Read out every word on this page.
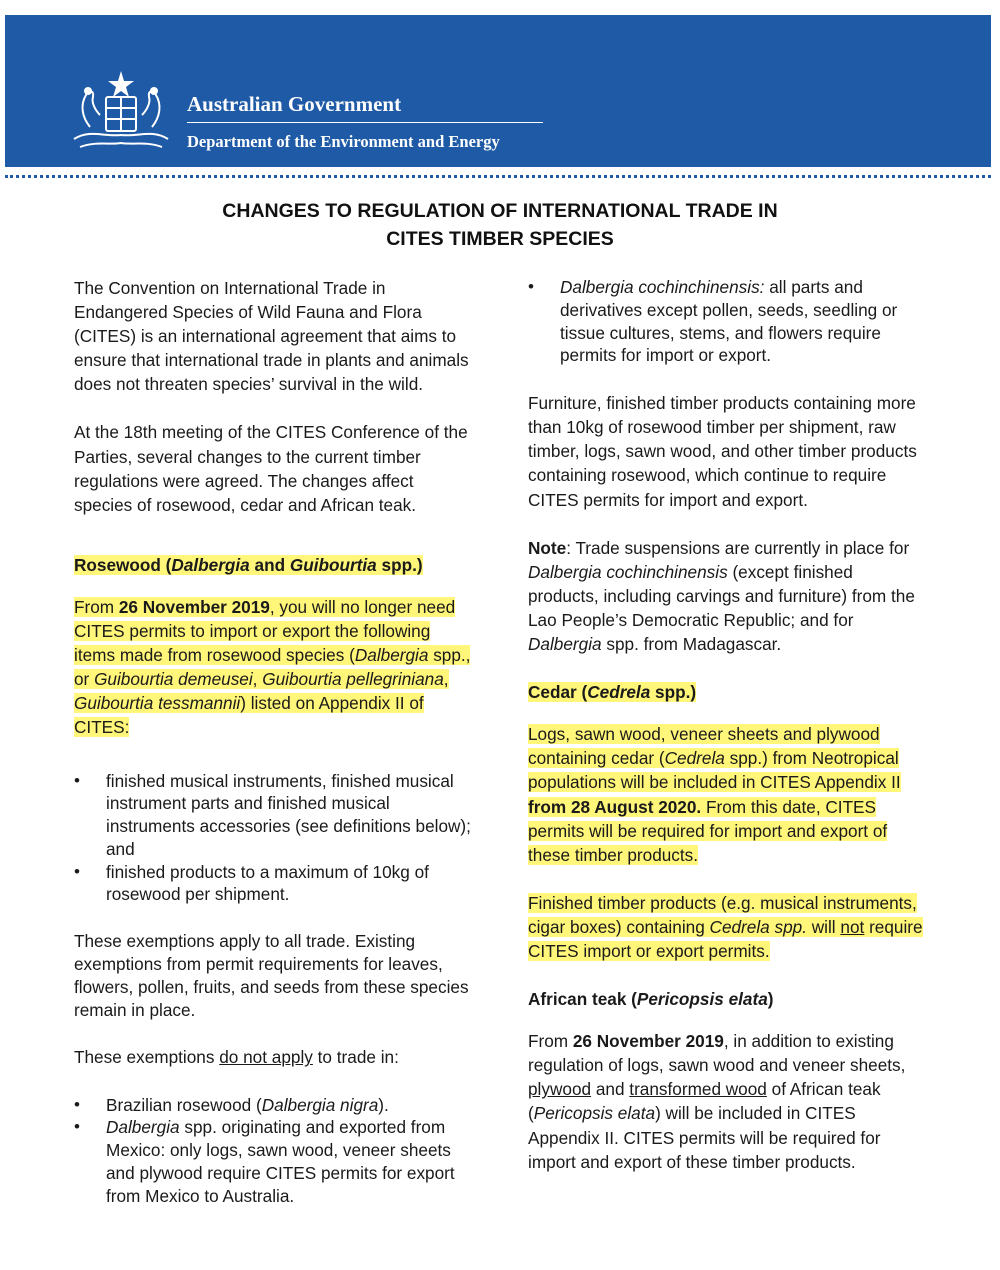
Australian Government
Department of the Environment and Energy
CHANGES TO REGULATION OF INTERNATIONAL TRADE IN
CITES TIMBER SPECIES

The Convention on International Trade in Endangered Species of Wild Fauna and Flora (CITES) is an international agreement that aims to ensure that international trade in plants and animals does not threaten species’ survival in the wild.

At the 18th meeting of the CITES Conference of the Parties, several changes to the current timber regulations were agreed. The changes affect species of rosewood, cedar and African teak.

Rosewood (Dalbergia and Guibourtia spp.)

From 26 November 2019, you will no longer need CITES permits to import or export the following items made from rosewood species (Dalbergia spp., or Guibourtia demeusei, Guibourtia pellegriniana, Guibourtia tessmannii) listed on Appendix II of CITES:

• finished musical instruments, finished musical instrument parts and finished musical instruments accessories (see definitions below); and
• finished products to a maximum of 10kg of rosewood per shipment.

These exemptions apply to all trade. Existing exemptions from permit requirements for leaves, flowers, pollen, fruits, and seeds from these species remain in place.

These exemptions do not apply to trade in:

• Brazilian rosewood (Dalbergia nigra).
• Dalbergia spp. originating and exported from Mexico: only logs, sawn wood, veneer sheets and plywood require CITES permits for export from Mexico to Australia.
• Dalbergia cochinchinensis: all parts and derivatives except pollen, seeds, seedling or tissue cultures, stems, and flowers require permits for import or export.

Furniture, finished timber products containing more than 10kg of rosewood timber per shipment, raw timber, logs, sawn wood, and other timber products containing rosewood, which continue to require CITES permits for import and export.

Note: Trade suspensions are currently in place for Dalbergia cochinchinensis (except finished products, including carvings and furniture) from the Lao People’s Democratic Republic; and for Dalbergia spp. from Madagascar.

Cedar (Cedrela spp.)

Logs, sawn wood, veneer sheets and plywood containing cedar (Cedrela spp.) from Neotropical populations will be included in CITES Appendix II from 28 August 2020. From this date, CITES permits will be required for import and export of these timber products.

Finished timber products (e.g. musical instruments, cigar boxes) containing Cedrela spp. will not require CITES import or export permits.

African teak (Pericopsis elata)

From 26 November 2019, in addition to existing regulation of logs, sawn wood and veneer sheets, plywood and transformed wood of African teak (Pericopsis elata) will be included in CITES Appendix II. CITES permits will be required for import and export of these timber products.
